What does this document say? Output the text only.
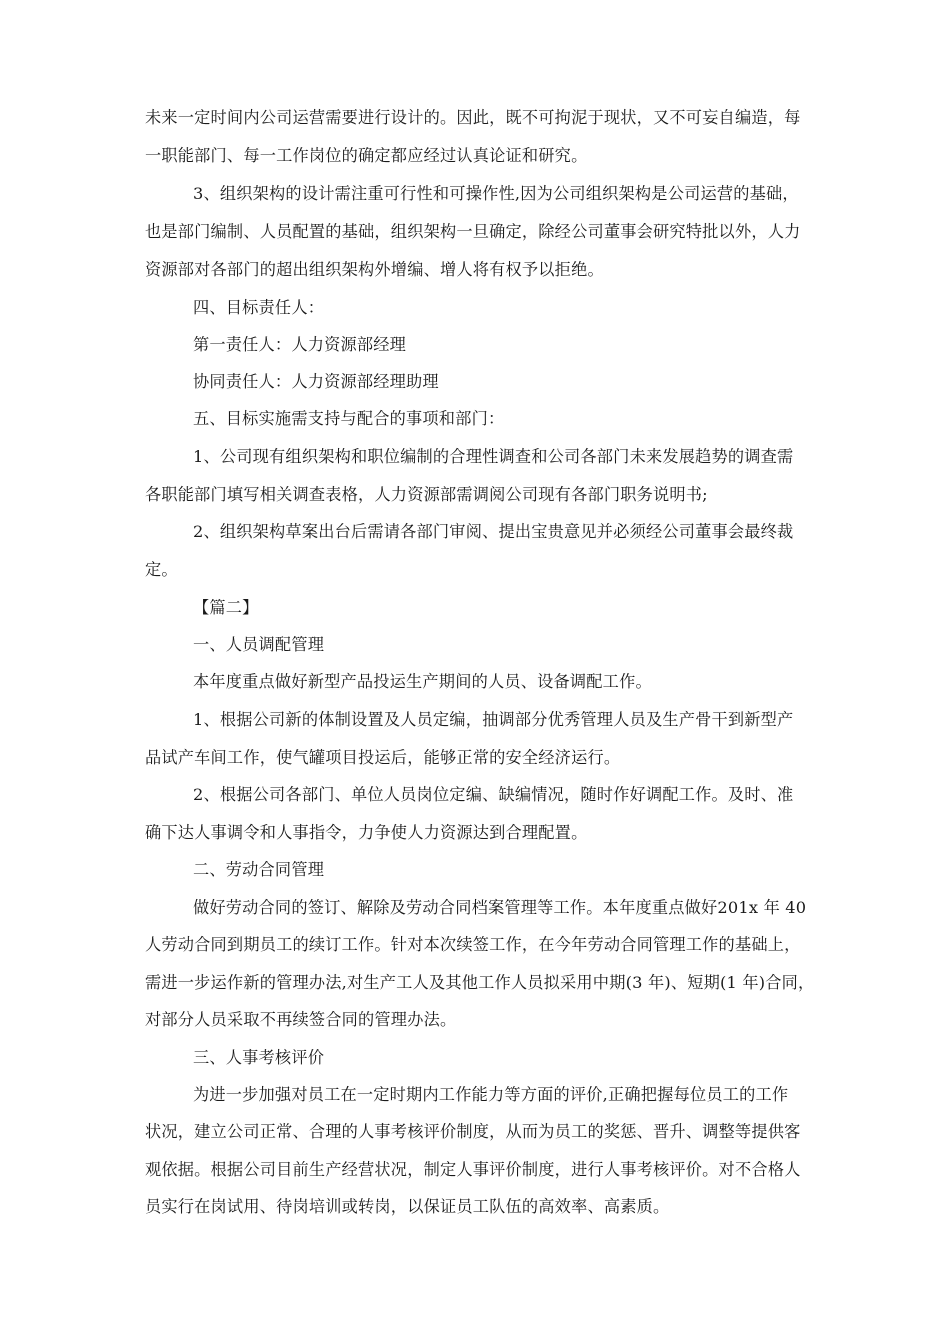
未来一定时间内公司运营需要进行设计的。因此，既不可拘泥于现状，又不可妄自编造，每
一职能部门、每一工作岗位的确定都应经过认真论证和研究。
3、组织架构的设计需注重可行性和可操作性,因为公司组织架构是公司运营的基础，
也是部门编制、人员配置的基础，组织架构一旦确定，除经公司董事会研究特批以外，人力
资源部对各部门的超出组织架构外增编、增人将有权予以拒绝。
四、目标责任人：
第一责任人：人力资源部经理
协同责任人：人力资源部经理助理
五、目标实施需支持与配合的事项和部门：
1、公司现有组织架构和职位编制的合理性调查和公司各部门未来发展趋势的调查需
各职能部门填写相关调查表格，人力资源部需调阅公司现有各部门职务说明书;
2、组织架构草案出台后需请各部门审阅、提出宝贵意见并必须经公司董事会最终裁
定。
【篇二】
一、人员调配管理
本年度重点做好新型产品投运生产期间的人员、设备调配工作。
1、根据公司新的体制设置及人员定编，抽调部分优秀管理人员及生产骨干到新型产
品试产车间工作，使气罐项目投运后，能够正常的安全经济运行。
2、根据公司各部门、单位人员岗位定编、缺编情况，随时作好调配工作。及时、准
确下达人事调令和人事指令，力争使人力资源达到合理配置。
二、劳动合同管理
做好劳动合同的签订、解除及劳动合同档案管理等工作。本年度重点做好201x 年 40
人劳动合同到期员工的续订工作。针对本次续签工作，在今年劳动合同管理工作的基础上，
需进一步运作新的管理办法,对生产工人及其他工作人员拟采用中期(3 年)、短期(1 年)合同，
对部分人员采取不再续签合同的管理办法。
三、人事考核评价
为进一步加强对员工在一定时期内工作能力等方面的评价,正确把握每位员工的工作
状况，建立公司正常、合理的人事考核评价制度，从而为员工的奖惩、晋升、调整等提供客
观依据。根据公司目前生产经营状况，制定人事评价制度，进行人事考核评价。对不合格人
员实行在岗试用、待岗培训或转岗，以保证员工队伍的高效率、高素质。
